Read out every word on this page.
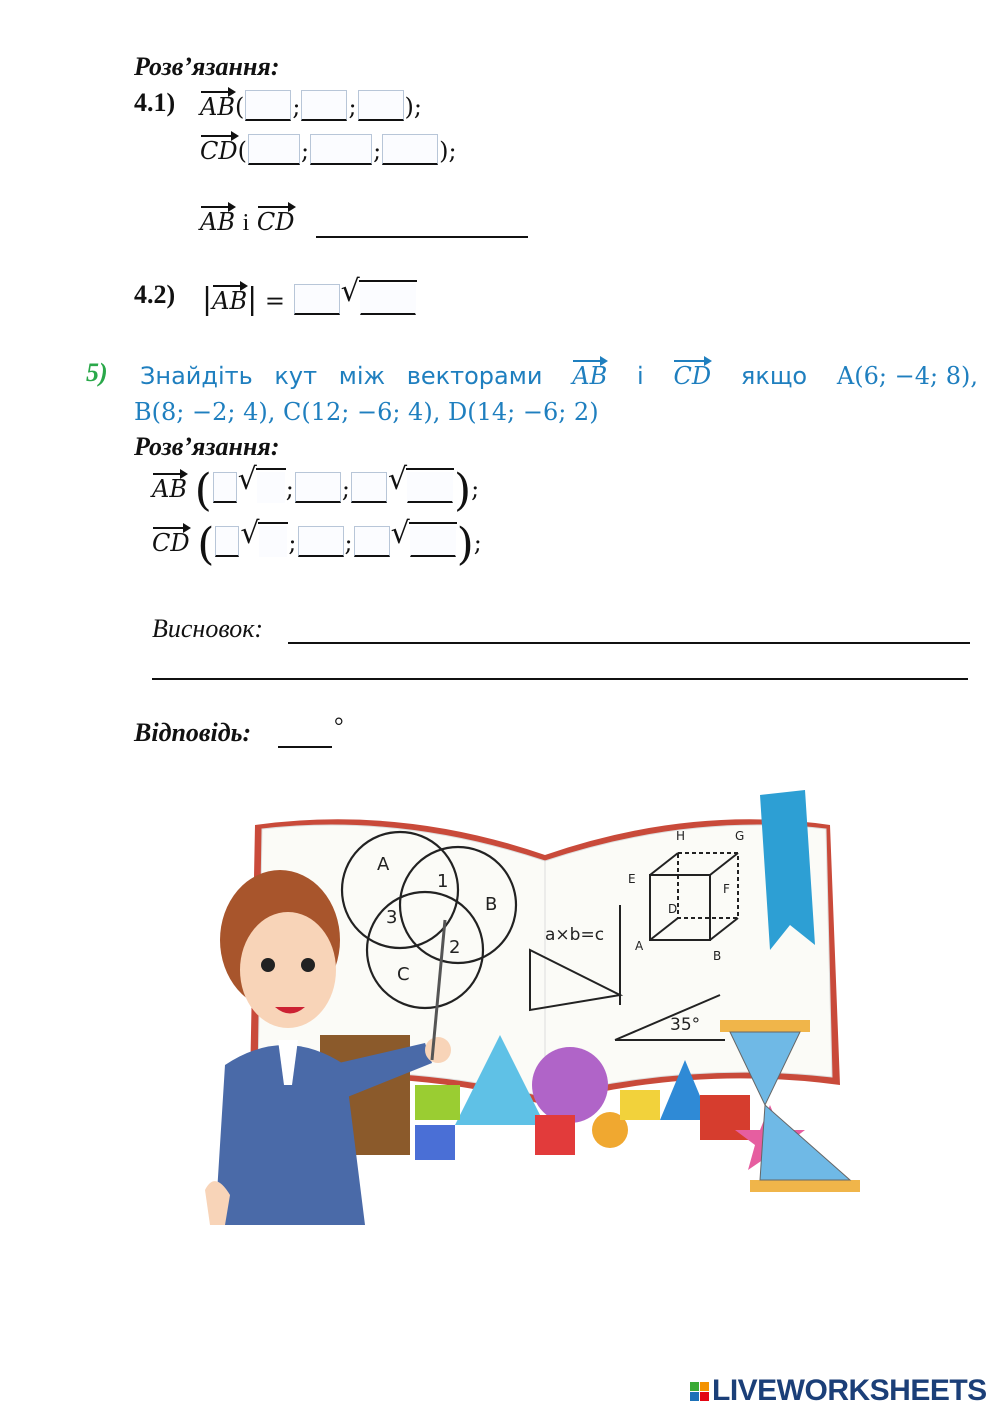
Розв’язання:
4.1) AB( ; ; );
CD( ;	; );
AB і CD
4.2) |
AB| = √
5) Знайдіть кут між векторами AB і CD якщо A(6; −4; 8),
B(8; −2; 4), C(12; −6; 4), D(14; −6; 2)
Розв’язання:
AB ( √ ; ; √ );
CD ( √ ; ; √ );
Висновок:
Відповідь:	°
A
1
B
3
2
C
a×b=c
35°
H	G
E
F
D
A
B
LIVEWORKSHEETS
